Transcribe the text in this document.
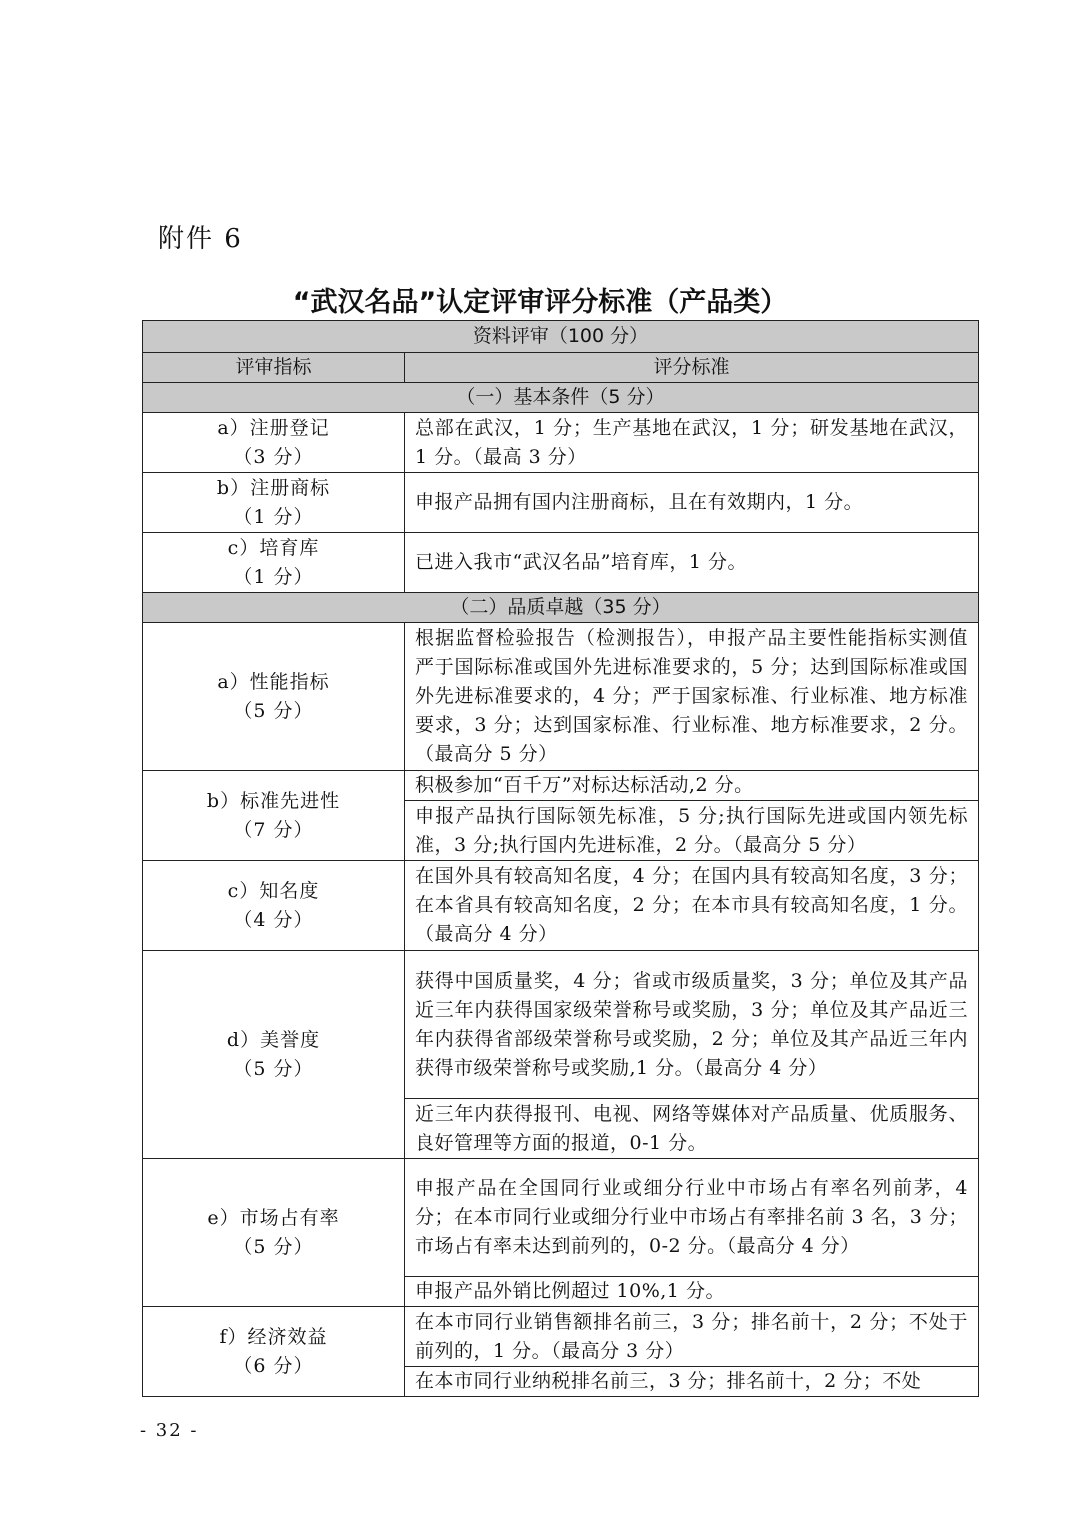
附件 6
“武汉名品”认定评审评分标准（产品类）
资料评审（100 分）	
评审指标	评分标准
（一）基本条件（5 分）	

a）注册登记
（3 分）	总部在武汉，1 分；生产基地在武汉，1 分；研发基地在武汉，1 分。（最高 3 分）

b）注册商标
（1 分）	申报产品拥有国内注册商标，且在有效期内，1 分。

c）培育库
（1 分）	已进入我市“武汉名品”培育库，1 分。
（二）品质卓越（35 分）	

a）性能指标
（5 分）	根据监督检验报告（检测报告），申报产品主要性能指标实测值严于国际标准或国外先进标准要求的，5 分；达到国际标准或国外先进标准要求的，4 分；严于国家标准、行业标准、地方标准要求，3 分；达到国家标准、行业标准、地方标准要求，2 分。（最高分 5 分）

b）标准先进性
（7 分）	积极参加“百千万”对标达标活动,2 分。
	申报产品执行国际领先标准，5 分;执行国际先进或国内领先标准，3 分;执行国内先进标准，2 分。（最高分 5 分）

c）知名度
（4 分）	在国外具有较高知名度，4 分；在国内具有较高知名度，3 分；在本省具有较高知名度，2 分；在本市具有较高知名度，1 分。（最高分 4 分）

d）美誉度
（5 分）	获得中国质量奖，4 分；省或市级质量奖，3 分；单位及其产品近三年内获得国家级荣誉称号或奖励，3 分；单位及其产品近三年内获得省部级荣誉称号或奖励，2 分；单位及其产品近三年内获得市级荣誉称号或奖励,1 分。（最高分 4 分）
	近三年内获得报刊、电视、网络等媒体对产品质量、优质服务、良好管理等方面的报道，0-1 分。

e）市场占有率
（5 分）	申报产品在全国同行业或细分行业中市场占有率名列前茅，4 分；在本市同行业或细分行业中市场占有率排名前 3 名，3 分；市场占有率未达到前列的，0-2 分。（最高分 4 分）
	申报产品外销比例超过 10%,1 分。

f）经济效益
（6 分）	在本市同行业销售额排名前三，3 分；排名前十，2 分；不处于前列的，1 分。（最高分 3 分）
	在本市同行业纳税排名前三，3 分；排名前十，2 分；不处
- 32 -
